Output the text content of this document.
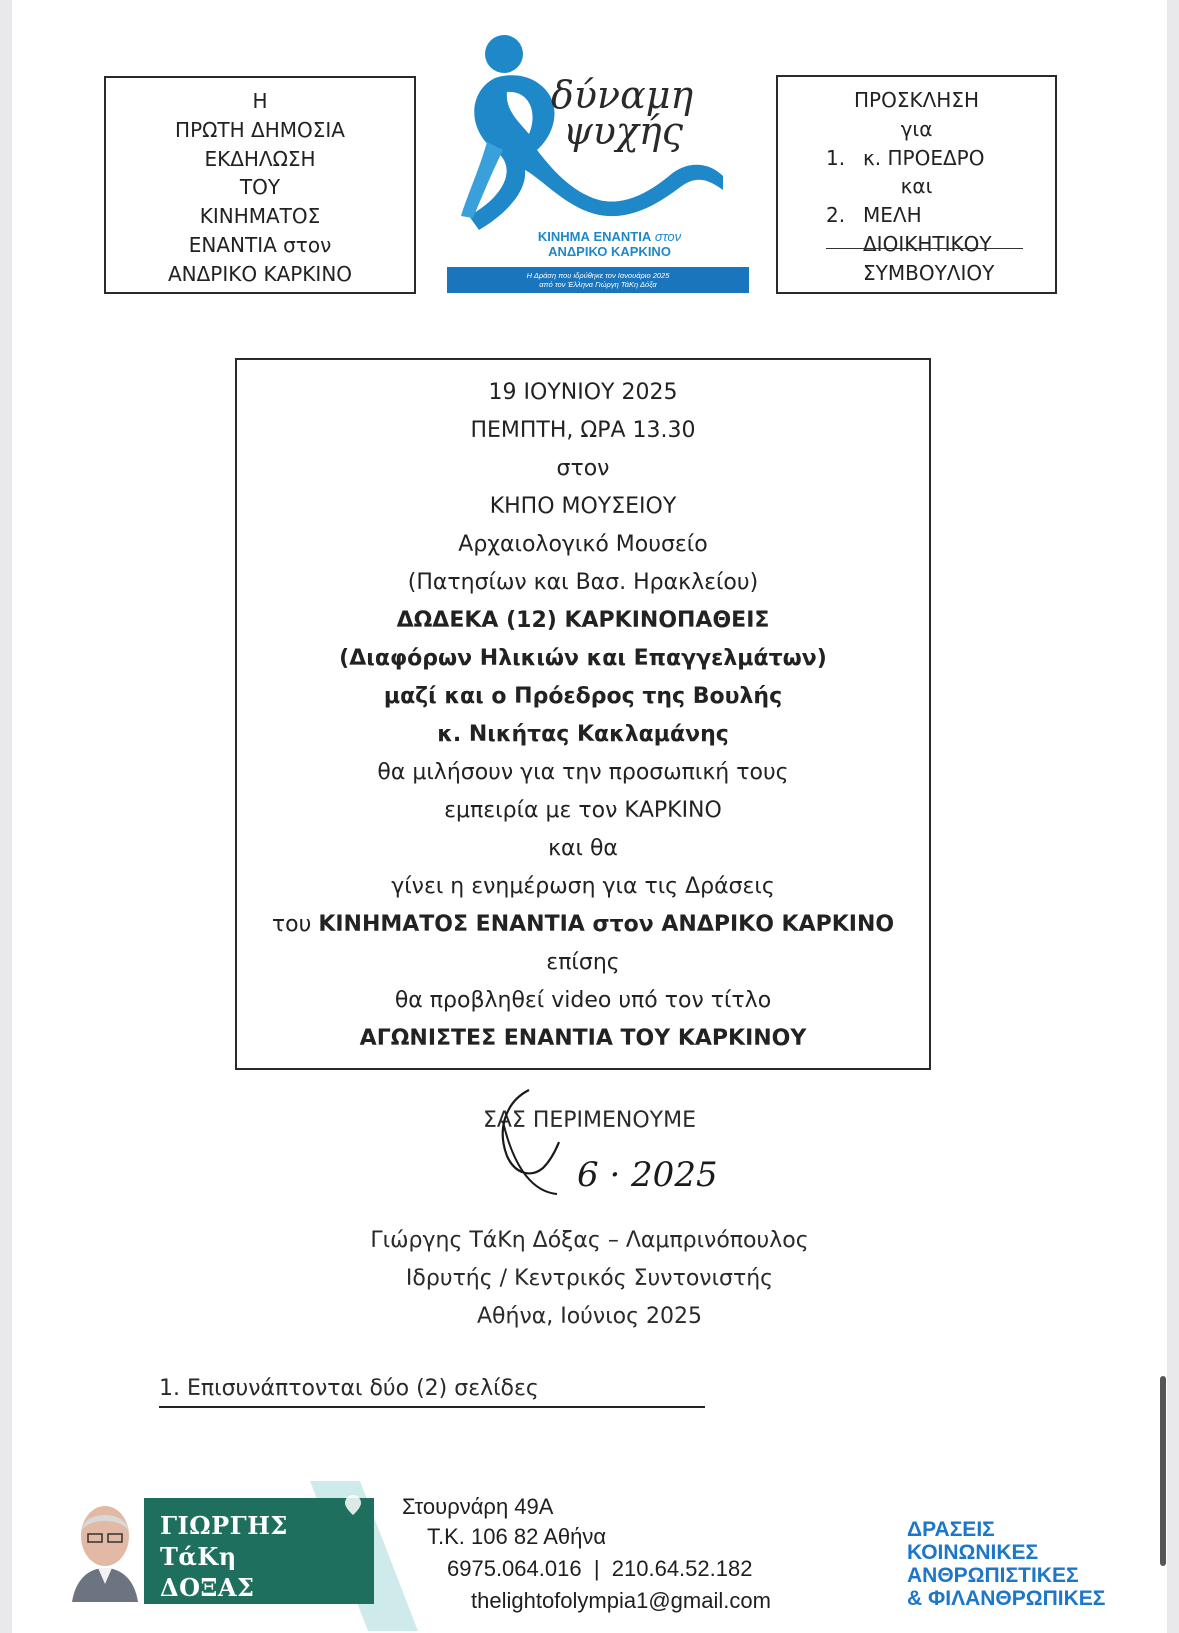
Η
ΠΡΩΤΗ ΔΗΜΟΣΙΑ
ΕΚΔΗΛΩΣΗ
ΤΟΥ
ΚΙΝΗΜΑΤΟΣ
ΕΝΑΝΤΙΑ στον
ΑΝΔΡΙΚΟ ΚΑΡΚΙΝΟ
δύναμη
ψυχής
ΚΙΝΗΜΑ ΕΝΑΝΤΙΑ στον
ΑΝΔΡΙΚΟ ΚΑΡΚΙΝΟ
Η Δράση που ιδρύθηκε τον Ιανουάριο 2025
από τον Έλληνα Γιώργη ΤάΚη Δόξα
ΠΡΟΣΚΛΗΣΗ
για
1. κ. ΠΡΟΕΔΡΟ
και
2. ΜΕΛΗ
ΔΙΟΙΚΗΤΙΚΟΥ
ΣΥΜΒΟΥΛΙΟΥ
19 ΙΟΥΝΙΟΥ 2025
ΠΕΜΠΤΗ, ΩΡΑ 13.30
στον
ΚΗΠΟ ΜΟΥΣΕΙΟΥ
Αρχαιολογικό Μουσείο
(Πατησίων και Βασ. Ηρακλείου)
ΔΩΔΕΚΑ (12) ΚΑΡΚΙΝΟΠΑΘΕΙΣ
(Διαφόρων Ηλικιών και Επαγγελμάτων)
μαζί και ο Πρόεδρος της Βουλής
κ. Νικήτας Κακλαμάνης
θα μιλήσουν για την προσωπική τους
εμπειρία με τον ΚΑΡΚΙΝΟ
και θα
γίνει η ενημέρωση για τις Δράσεις
του ΚΙΝΗΜΑΤΟΣ ΕΝΑΝΤΙΑ στον ΑΝΔΡΙΚΟ ΚΑΡΚΙΝΟ
επίσης
θα προβληθεί video υπό τον τίτλο
ΑΓΩΝΙΣΤΕΣ ΕΝΑΝΤΙΑ ΤΟΥ ΚΑΡΚΙΝΟΥ
ΣΑΣ ΠΕΡΙΜΕΝΟΥΜΕ
6 · 2025
Γιώργης ΤάΚη Δόξας – Λαμπρινόπουλος
Ιδρυτής / Κεντρικός Συντονιστής
Αθήνα, Ιούνιος 2025
1. Επισυνάπτονται δύο (2) σελίδες
ΓΙΩΡΓΗΣ
ΤάΚη
ΔΟΞΑΣ
Στουρνάρη 49Α
Τ.Κ. 106 82 Αθήνα
6975.064.016 | 210.64.52.182
thelightofolympia1@gmail.com
ΔΡΑΣΕΙΣ
ΚΟΙΝΩΝΙΚΕΣ
ΑΝΘΡΩΠΙΣΤΙΚΕΣ
& ΦΙΛΑΝΘΡΩΠΙΚΕΣ
